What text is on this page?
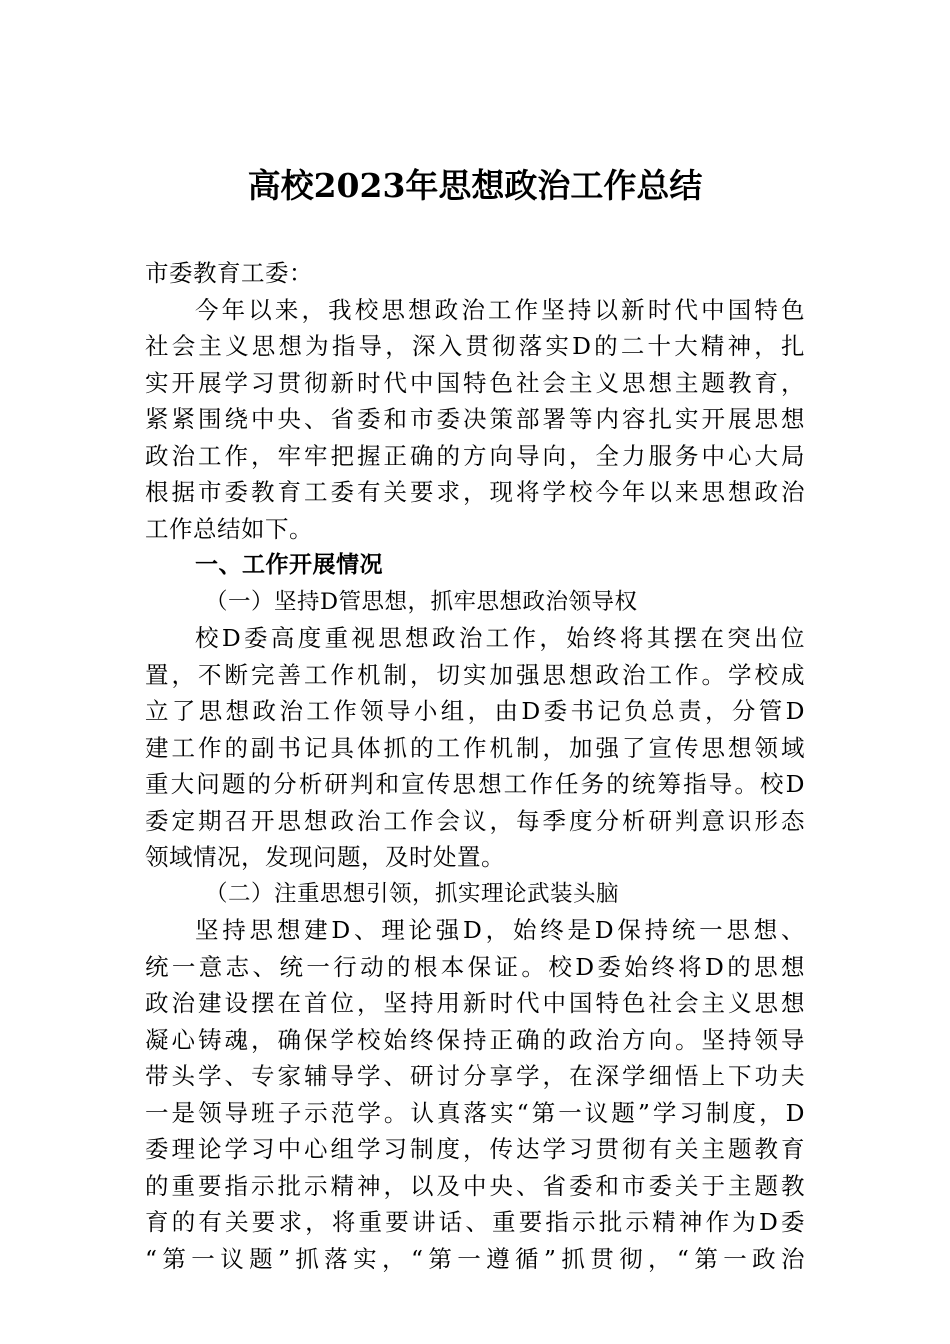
高校2023年思想政治工作总结
市委教育工委：
今年以来，我校思想政治工作坚持以新时代中国特色
社会主义思想为指导，深入贯彻落实D的二十大精神，扎
实开展学习贯彻新时代中国特色社会主义思想主题教育，
紧紧围绕中央、省委和市委决策部署等内容扎实开展思想
政治工作，牢牢把握正确的方向导向，全力服务中心大局
根据市委教育工委有关要求，现将学校今年以来思想政治
工作总结如下。
一、工作开展情况
（一）坚持D管思想，抓牢思想政治领导权
校D委高度重视思想政治工作，始终将其摆在突出位
置，不断完善工作机制，切实加强思想政治工作。学校成
立了思想政治工作领导小组，由D委书记负总责，分管D
建工作的副书记具体抓的工作机制，加强了宣传思想领域
重大问题的分析研判和宣传思想工作任务的统筹指导。校D
委定期召开思想政治工作会议，每季度分析研判意识形态
领域情况，发现问题，及时处置。
（二）注重思想引领，抓实理论武装头脑
坚持思想建D、理论强D，始终是D保持统一思想、
统一意志、统一行动的根本保证。校D委始终将D的思想
政治建设摆在首位，坚持用新时代中国特色社会主义思想
凝心铸魂，确保学校始终保持正确的政治方向。坚持领导
带头学、专家辅导学、研讨分享学，在深学细悟上下功夫
一是领导班子示范学。认真落实“第一议题”学习制度，D
委理论学习中心组学习制度，传达学习贯彻有关主题教育
的重要指示批示精神，以及中央、省委和市委关于主题教
育的有关要求，将重要讲话、重要指示批示精神作为D委
“第一议题”抓落实，“第一遵循”抓贯彻，“第一政治
